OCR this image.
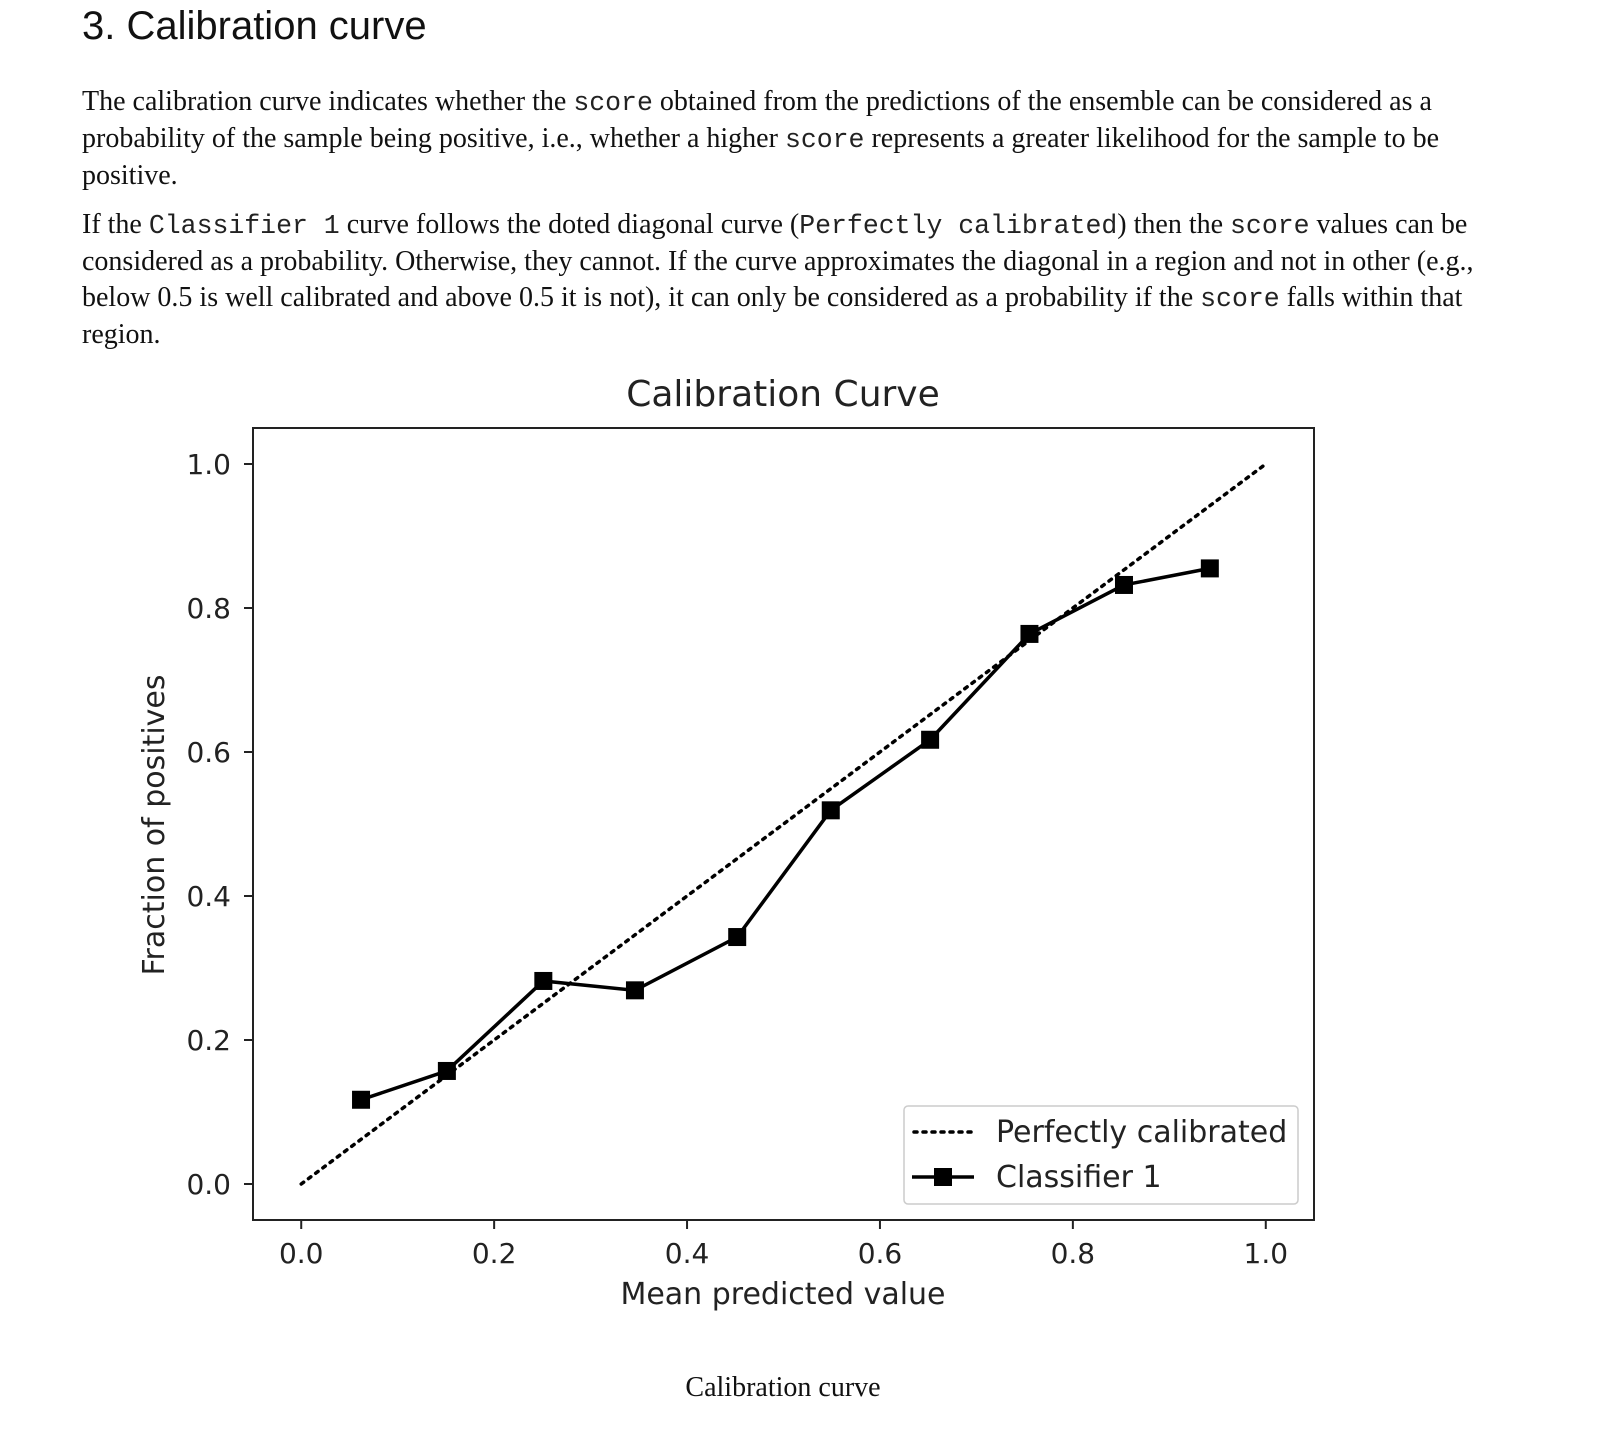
3. Calibration curve

The calibration curve indicates whether the score obtained from the predictions of the ensemble can be considered as a probability of the sample being positive, i.e., whether a higher score represents a greater likelihood for the sample to be positive.

If the Classifier 1 curve follows the doted diagonal curve (Perfectly calibrated) then the score values can be considered as a probability. Otherwise, they cannot. If the curve approximates the diagonal in a region and not in other (e.g., below 0.5 is well calibrated and above 0.5 it is not), it can only be considered as a probability if the score falls within that region.

Calibration Curve
0.0	0.2	0.4	0.6	0.8	1.0
0.0
0.2
0.4
0.6
0.8
1.0
Perfectly calibrated
Classifier 1
Mean predicted value
Fraction of positives

Calibration curve
